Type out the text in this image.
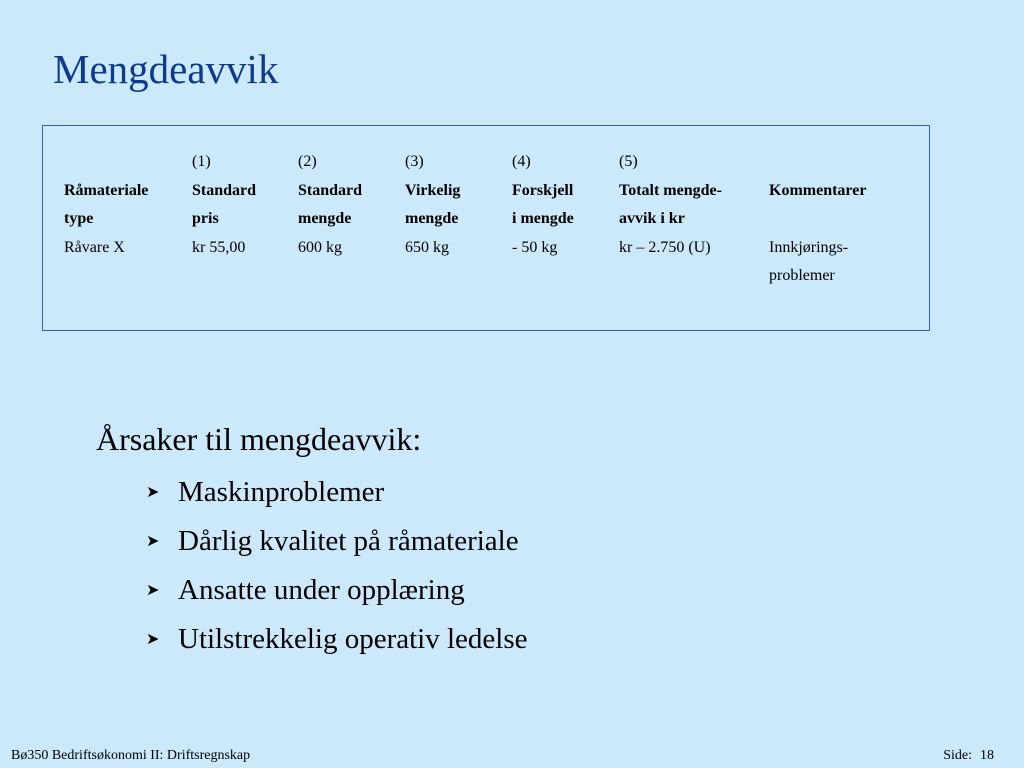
Mengdeavvik
	(1)	(2)	(3)	(4)	(5)	
Råmateriale	Standard	Standard	Virkelig	Forskjell	Totalt mengde-	Kommentarer
type	pris	mengde	mengde	i mengde	avvik i kr	
Råvare X	kr 55,00	600 kg	650 kg	- 50 kg	kr – 2.750 (U)	Innkjørings-
						problemer
Årsaker til mengdeavvik:
➤ Maskinproblemer
➤ Dårlig kvalitet på råmateriale
➤ Ansatte under opplæring
➤ Utilstrekkelig operativ ledelse
Bø350 Bedriftsøkonomi II: Driftsregnskap	Side: 18
